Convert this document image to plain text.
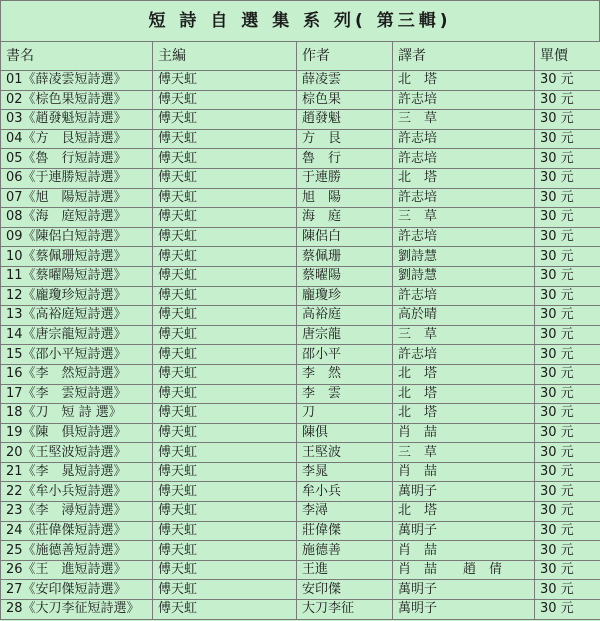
短 詩 自 選 集 系 列( 第三輯)
書名	主編	作者	譯者	單價
01《薛凌雲短詩選》	傅天虹	薛凌雲	北　塔	30 元
02《棕色果短詩選》	傅天虹	棕色果	許志培	30 元
03《趙發魁短詩選》	傅天虹	趙發魁	三　草	30 元
04《方　艮短詩選》	傅天虹	方　艮	許志培	30 元
05《魯　行短詩選》	傅天虹	魯　行	許志培	30 元
06《于連勝短詩選》	傅天虹	于連勝	北　塔	30 元
07《旭　陽短詩選》	傅天虹	旭　陽	許志培	30 元
08《海　庭短詩選》	傅天虹	海　庭	三　草	30 元
09《陳侶白短詩選》	傅天虹	陳侶白	許志培	30 元
10《蔡佩珊短詩選》	傅天虹	蔡佩珊	劉詩慧	30 元
11《蔡曜陽短詩選》	傅天虹	蔡曜陽	劉詩慧	30 元
12《龐瓊珍短詩選》	傅天虹	龐瓊珍	許志培	30 元
13《高裕庭短詩選》	傅天虹	高裕庭	高於晴	30 元
14《唐宗龍短詩選》	傅天虹	唐宗龍	三　草	30 元
15《邵小平短詩選》	傅天虹	邵小平	許志培	30 元
16《李　然短詩選》	傅天虹	李　然	北　塔	30 元
17《李　雲短詩選》	傅天虹	李　雲	北　塔	30 元
18《刀　短 詩 選》	傅天虹	刀	北　塔	30 元
19《陳　俱短詩選》	傅天虹	陳俱	肖　喆	30 元
20《王堅波短詩選》	傅天虹	王堅波	三　草	30 元
21《李　晁短詩選》	傅天虹	李晁	肖　喆	30 元
22《牟小兵短詩選》	傅天虹	牟小兵	萬明子	30 元
23《李　潯短詩選》	傅天虹	李潯	北　塔	30 元
24《莊偉傑短詩選》	傅天虹	莊偉傑	萬明子	30 元
25《施德善短詩選》	傅天虹	施德善	肖　喆	30 元
26《王　進短詩選》	傅天虹	王進	肖　喆　　趙　倩	30 元
27《安印傑短詩選》	傅天虹	安印傑	萬明子	30 元
28《大刀李征短詩選》	傅天虹	大刀李征	萬明子	30 元
